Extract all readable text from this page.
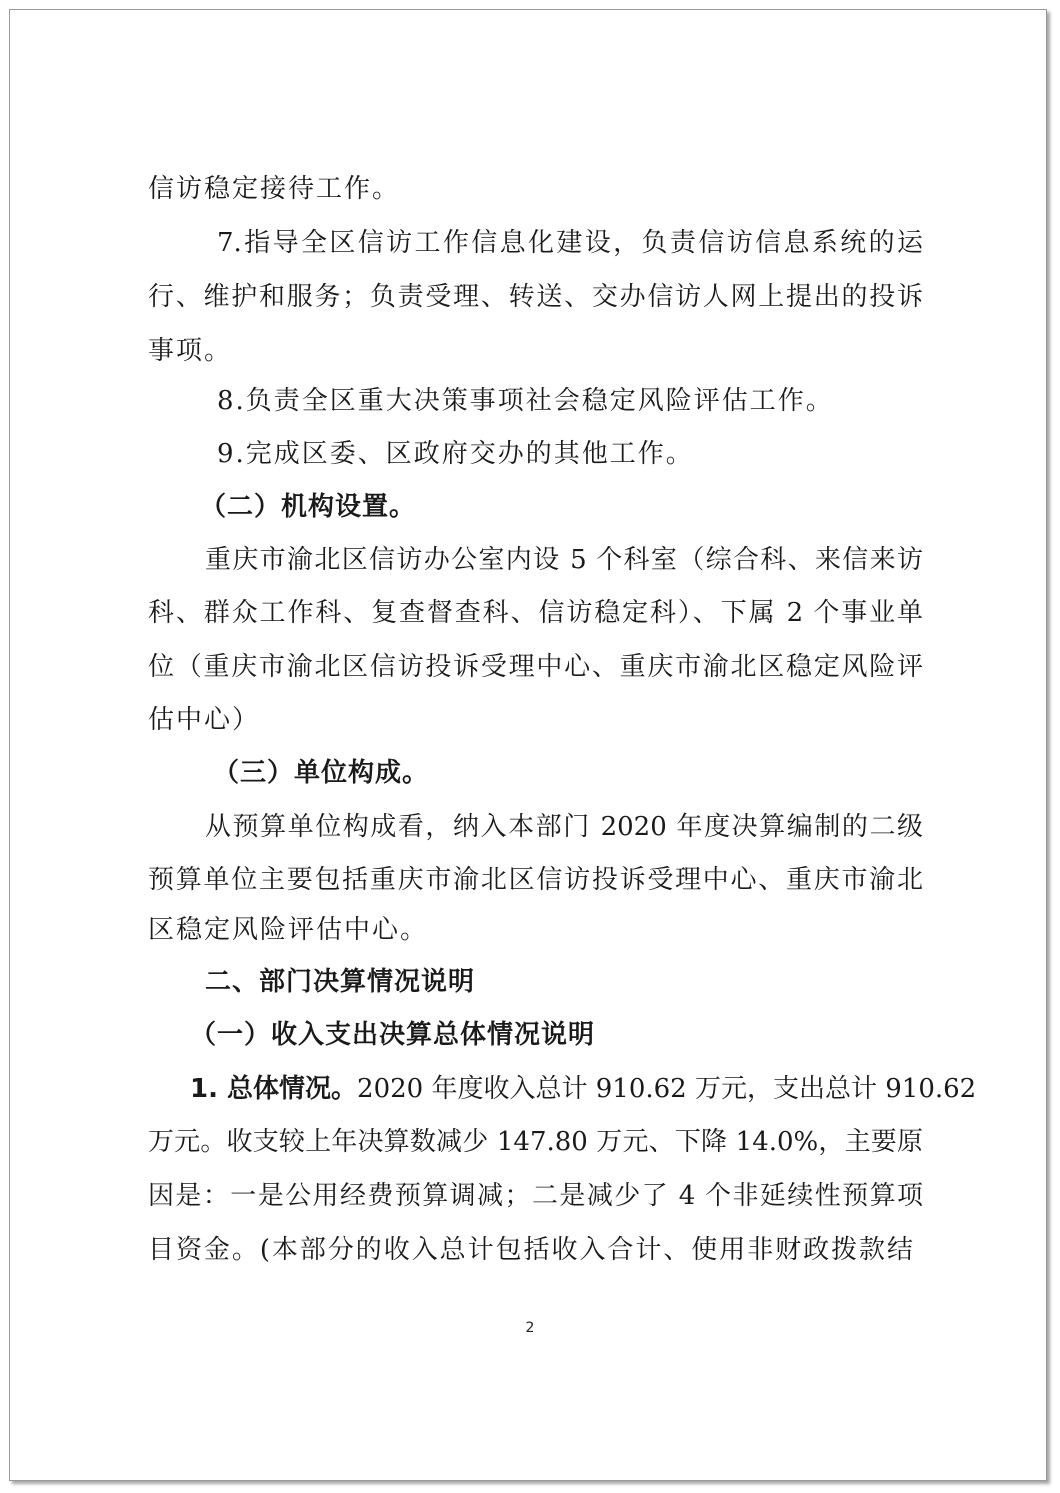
信访稳定接待工作。
7.指导全区信访工作信息化建设，负责信访信息系统的运
行、维护和服务；负责受理、转送、交办信访人网上提出的投诉
事项。
8.负责全区重大决策事项社会稳定风险评估工作。
9.完成区委、区政府交办的其他工作。
（二）机构设置。
重庆市渝北区信访办公室内设 5 个科室（综合科、来信来访
科、群众工作科、复查督查科、信访稳定科）、下属 2 个事业单
位（重庆市渝北区信访投诉受理中心、重庆市渝北区稳定风险评
估中心）
（三）单位构成。
从预算单位构成看，纳入本部门 2020 年度决算编制的二级
预算单位主要包括重庆市渝北区信访投诉受理中心、重庆市渝北
区稳定风险评估中心。
二、部门决算情况说明
（一）收入支出决算总体情况说明
1. 总体情况。2020 年度收入总计 910.62 万元，支出总计 910.62
万元。收支较上年决算数减少 147.80 万元、下降 14.0%，主要原
因是：一是公用经费预算调减；二是减少了 4 个非延续性预算项
目资金。(本部分的收入总计包括收入合计、使用非财政拨款结
2
